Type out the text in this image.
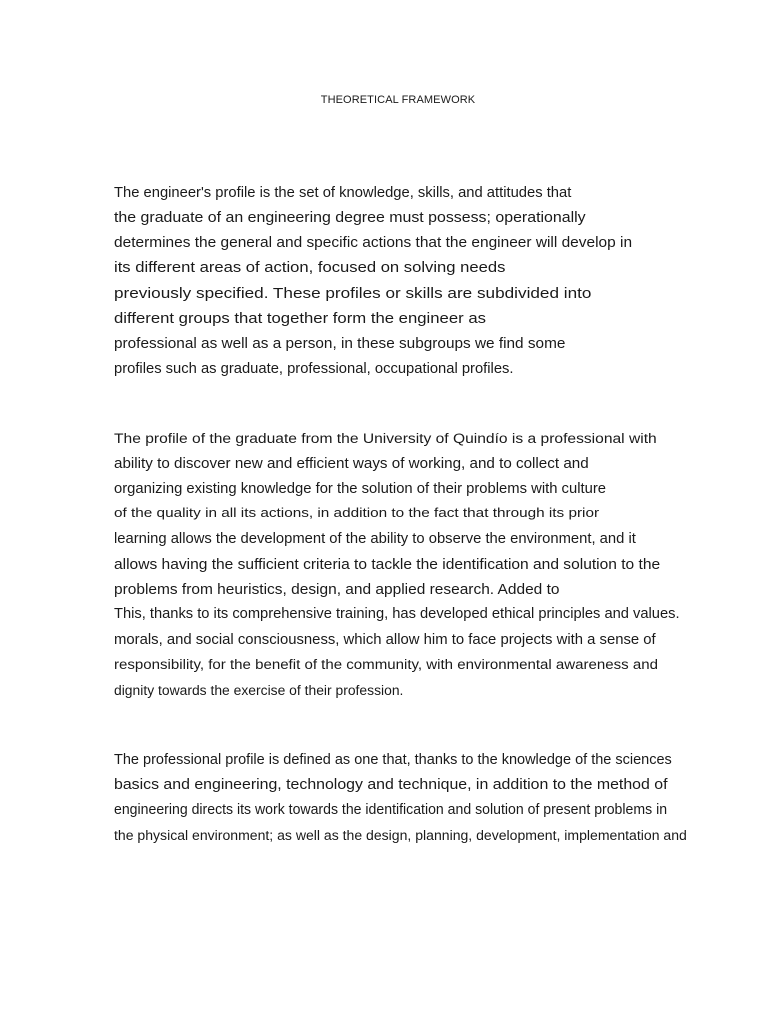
THEORETICAL FRAMEWORK
The engineer's profile is the set of knowledge, skills, and attitudes that
the graduate of an engineering degree must possess; operationally
determines the general and specific actions that the engineer will develop in
its different areas of action, focused on solving needs
previously specified. These profiles or skills are subdivided into
different groups that together form the engineer as
professional as well as a person, in these subgroups we find some
profiles such as graduate, professional, occupational profiles.
The profile of the graduate from the University of Quindío is a professional with
ability to discover new and efficient ways of working, and to collect and
organizing existing knowledge for the solution of their problems with culture
of the quality in all its actions, in addition to the fact that through its prior
learning allows the development of the ability to observe the environment, and it
allows having the sufficient criteria to tackle the identification and solution to the
problems from heuristics, design, and applied research. Added to
This, thanks to its comprehensive training, has developed ethical principles and values.
morals, and social consciousness, which allow him to face projects with a sense of
responsibility, for the benefit of the community, with environmental awareness and
dignity towards the exercise of their profession.
The professional profile is defined as one that, thanks to the knowledge of the sciences
basics and engineering, technology and technique, in addition to the method of
engineering directs its work towards the identification and solution of present problems in
the physical environment; as well as the design, planning, development, implementation and
